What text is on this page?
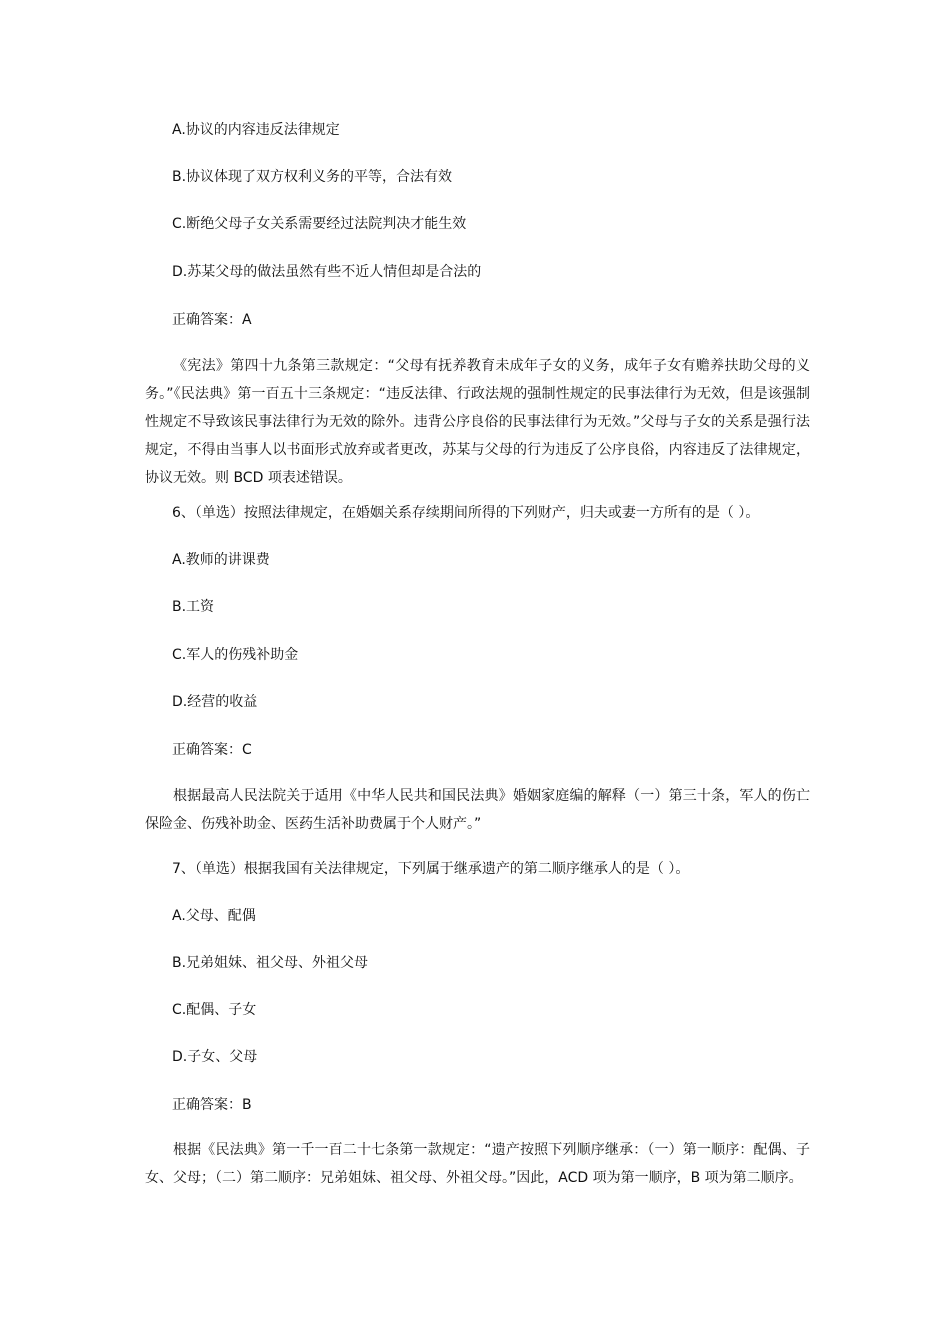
A.协议的内容违反法律规定
B.协议体现了双方权利义务的平等，合法有效
C.断绝父母子女关系需要经过法院判决才能生效
D.苏某父母的做法虽然有些不近人情但却是合法的
正确答案：A
《宪法》第四十九条第三款规定：“父母有抚养教育未成年子女的义务，成年子女有赡养扶助父母的义务。”《民法典》第一百五十三条规定：“违反法律、行政法规的强制性规定的民事法律行为无效，但是该强制性规定不导致该民事法律行为无效的除外。违背公序良俗的民事法律行为无效。”父母与子女的关系是强行法规定，不得由当事人以书面形式放弃或者更改，苏某与父母的行为违反了公序良俗，内容违反了法律规定，协议无效。则 BCD 项表述错误。
6、（单选）按照法律规定，在婚姻关系存续期间所得的下列财产，归夫或妻一方所有的是（ ）。
A.教师的讲课费
B.工资
C.军人的伤残补助金
D.经营的收益
正确答案：C
根据最高人民法院关于适用《中华人民共和国民法典》婚姻家庭编的解释（一）第三十条，军人的伤亡保险金、伤残补助金、医药生活补助费属于个人财产。”
7、（单选）根据我国有关法律规定，下列属于继承遗产的第二顺序继承人的是（ ）。
A.父母、配偶
B.兄弟姐妹、祖父母、外祖父母
C.配偶、子女
D.子女、父母
正确答案：B
根据《民法典》第一千一百二十七条第一款规定：“遗产按照下列顺序继承：（一）第一顺序：配偶、子女、父母；（二）第二顺序：兄弟姐妹、祖父母、外祖父母。”因此，ACD 项为第一顺序，B 项为第二顺序。
